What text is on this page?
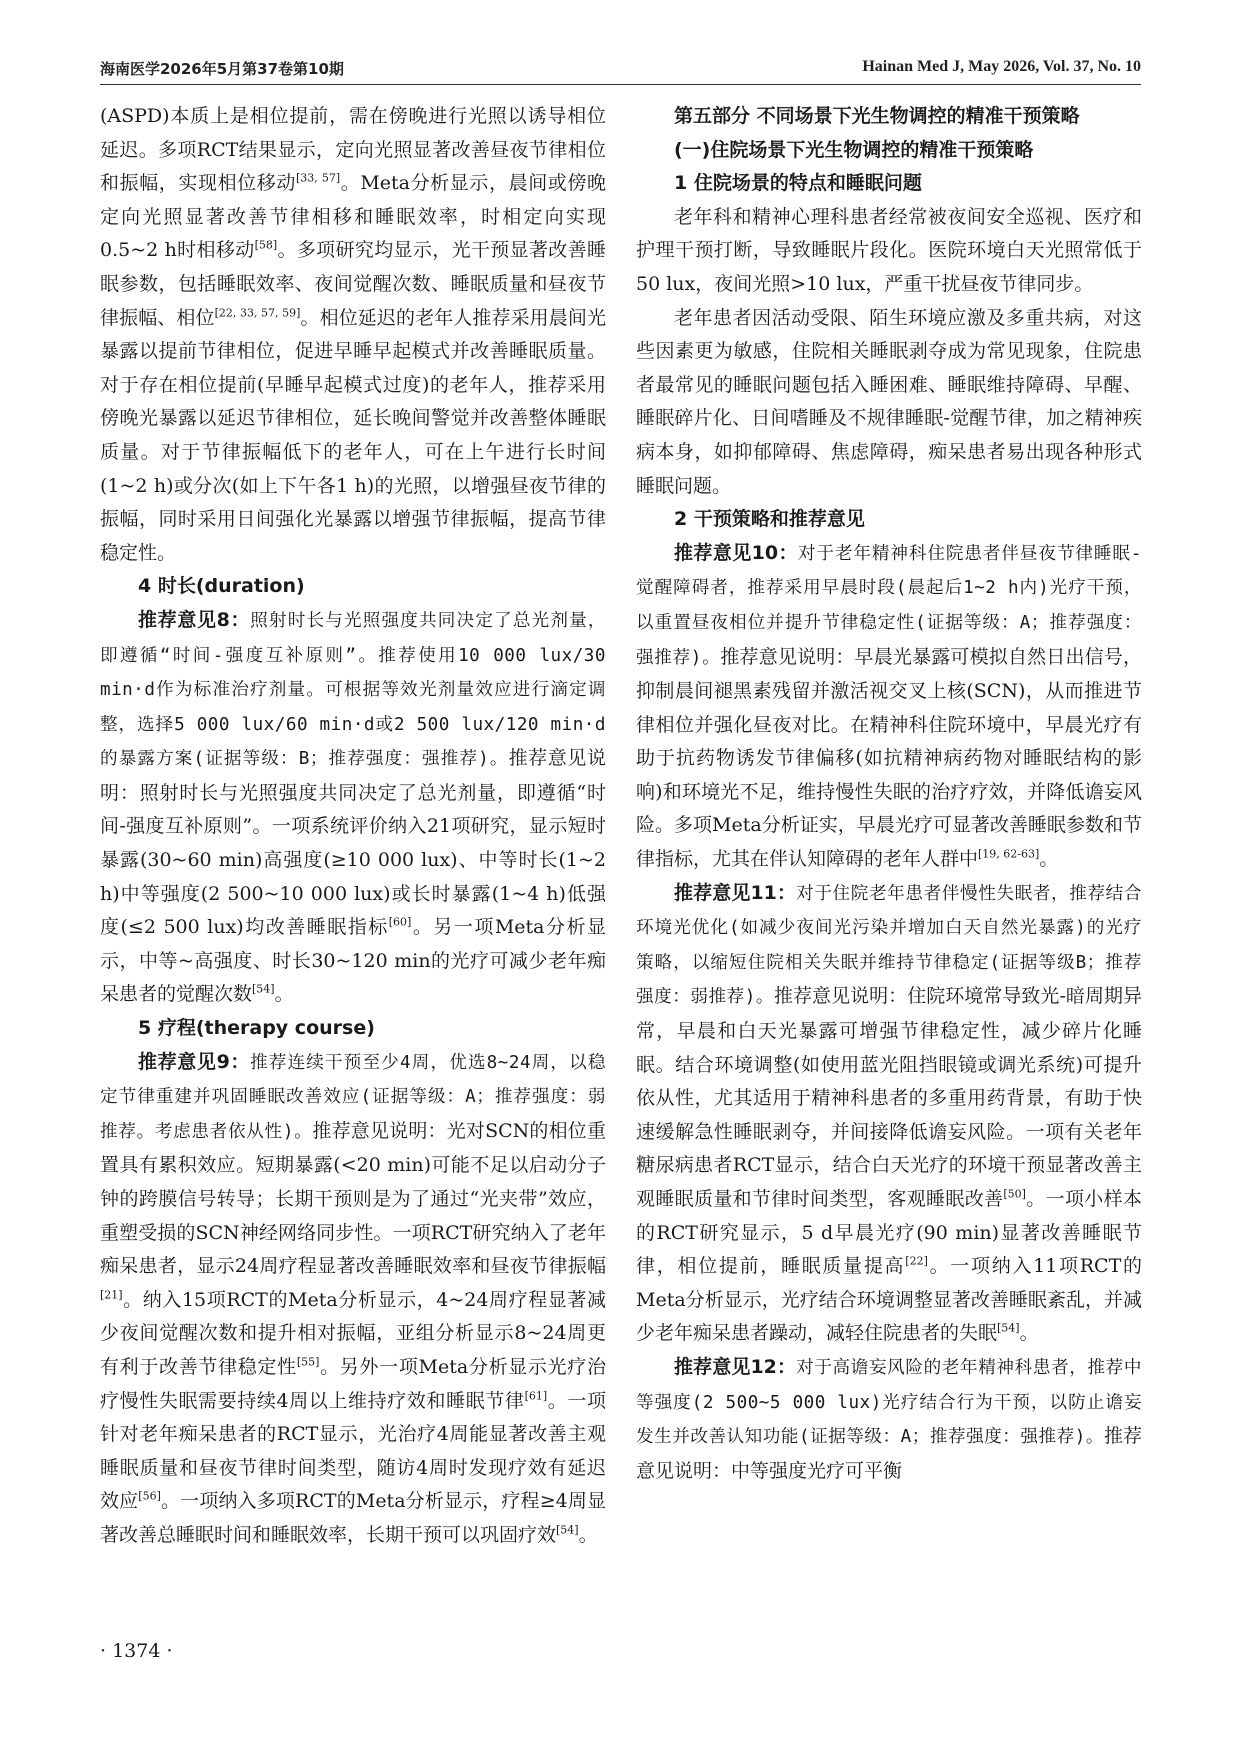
海南医学2026年5月第37卷第10期	Hainan Med J, May 2026, Vol. 37, No. 10

(ASPD)本质上是相位提前，需在傍晚进行光照以诱导相位延迟。多项RCT结果显示，定向光照显著改善昼夜节律相位和振幅，实现相位移动[33, 57]。Meta分析显示，晨间或傍晚定向光照显著改善节律相移和睡眠效率，时相定向实现0.5~2 h时相移动[58]。多项研究均显示，光干预显著改善睡眠参数，包括睡眠效率、夜间觉醒次数、睡眠质量和昼夜节律振幅、相位[22, 33, 57, 59]。相位延迟的老年人推荐采用晨间光暴露以提前节律相位，促进早睡早起模式并改善睡眠质量。对于存在相位提前(早睡早起模式过度)的老年人，推荐采用傍晚光暴露以延迟节律相位，延长晚间警觉并改善整体睡眠质量。对于节律振幅低下的老年人，可在上午进行长时间(1~2 h)或分次(如上下午各1 h)的光照，以增强昼夜节律的振幅，同时采用日间强化光暴露以增强节律振幅，提高节律稳定性。

4 时长(duration)

推荐意见8：照射时长与光照强度共同决定了总光剂量，即遵循“时间-强度互补原则”。推荐使用10 000 lux/30 min·d作为标准治疗剂量。可根据等效光剂量效应进行滴定调整，选择5 000 lux/60 min·d或2 500 lux/120 min·d的暴露方案(证据等级：B；推荐强度：强推荐)。推荐意见说明：照射时长与光照强度共同决定了总光剂量，即遵循“时间-强度互补原则”。一项系统评价纳入21项研究，显示短时暴露(30~60 min)高强度(≥10 000 lux)、中等时长(1~2 h)中等强度(2 500~10 000 lux)或长时暴露(1~4 h)低强度(≤2 500 lux)均改善睡眠指标[60]。另一项Meta分析显示，中等~高强度、时长30~120 min的光疗可减少老年痴呆患者的觉醒次数[54]。

5 疗程(therapy course)

推荐意见9：推荐连续干预至少4周，优选8~24周，以稳定节律重建并巩固睡眠改善效应(证据等级：A；推荐强度：弱推荐。考虑患者依从性)。推荐意见说明：光对SCN的相位重置具有累积效应。短期暴露(<20 min)可能不足以启动分子钟的跨膜信号转导；长期干预则是为了通过“光夹带”效应，重塑受损的SCN神经网络同步性。一项RCT研究纳入了老年痴呆患者，显示24周疗程显著改善睡眠效率和昼夜节律振幅[21]。纳入15项RCT的Meta分析显示，4~24周疗程显著减少夜间觉醒次数和提升相对振幅，亚组分析显示8~24周更有利于改善节律稳定性[55]。另外一项Meta分析显示光疗治疗慢性失眠需要持续4周以上维持疗效和睡眠节律[61]。一项针对老年痴呆患者的RCT显示，光治疗4周能显著改善主观睡眠质量和昼夜节律时间类型，随访4周时发现疗效有延迟效应[56]。一项纳入多项RCT的Meta分析显示，疗程≥4周显著改善总睡眠时间和睡眠效率，长期干预可以巩固疗效[54]。

第五部分 不同场景下光生物调控的精准干预策略

(一)住院场景下光生物调控的精准干预策略

1 住院场景的特点和睡眠问题

老年科和精神心理科患者经常被夜间安全巡视、医疗和护理干预打断，导致睡眠片段化。医院环境白天光照常低于50 lux，夜间光照>10 lux，严重干扰昼夜节律同步。

老年患者因活动受限、陌生环境应激及多重共病，对这些因素更为敏感，住院相关睡眠剥夺成为常见现象，住院患者最常见的睡眠问题包括入睡困难、睡眠维持障碍、早醒、睡眠碎片化、日间嗜睡及不规律睡眠-觉醒节律，加之精神疾病本身，如抑郁障碍、焦虑障碍，痴呆患者易出现各种形式睡眠问题。

2 干预策略和推荐意见

推荐意见10：对于老年精神科住院患者伴昼夜节律睡眠-觉醒障碍者，推荐采用早晨时段(晨起后1~2 h内)光疗干预，以重置昼夜相位并提升节律稳定性(证据等级：A；推荐强度：强推荐)。推荐意见说明：早晨光暴露可模拟自然日出信号，抑制晨间褪黑素残留并激活视交叉上核(SCN)，从而推进节律相位并强化昼夜对比。在精神科住院环境中，早晨光疗有助于抗药物诱发节律偏移(如抗精神病药物对睡眠结构的影响)和环境光不足，维持慢性失眠的治疗疗效，并降低谵妄风险。多项Meta分析证实，早晨光疗可显著改善睡眠参数和节律指标，尤其在伴认知障碍的老年人群中[19, 62-63]。

推荐意见11：对于住院老年患者伴慢性失眠者，推荐结合环境光优化(如减少夜间光污染并增加白天自然光暴露)的光疗策略，以缩短住院相关失眠并维持节律稳定(证据等级B；推荐强度：弱推荐)。推荐意见说明：住院环境常导致光-暗周期异常，早晨和白天光暴露可增强节律稳定性，减少碎片化睡眠。结合环境调整(如使用蓝光阻挡眼镜或调光系统)可提升依从性，尤其适用于精神科患者的多重用药背景，有助于快速缓解急性睡眠剥夺，并间接降低谵妄风险。一项有关老年糖尿病患者RCT显示，结合白天光疗的环境干预显著改善主观睡眠质量和节律时间类型，客观睡眠改善[50]。一项小样本的RCT研究显示，5 d早晨光疗(90 min)显著改善睡眠节律，相位提前，睡眠质量提高[22]。一项纳入11项RCT的Meta分析显示，光疗结合环境调整显著改善睡眠紊乱，并减少老年痴呆患者躁动，减轻住院患者的失眠[54]。

推荐意见12：对于高谵妄风险的老年精神科患者，推荐中等强度(2 500~5 000 lux)光疗结合行为干预，以防止谵妄发生并改善认知功能(证据等级：A；推荐强度：强推荐)。推荐意见说明：中等强度光疗可平衡

· 1374 ·
